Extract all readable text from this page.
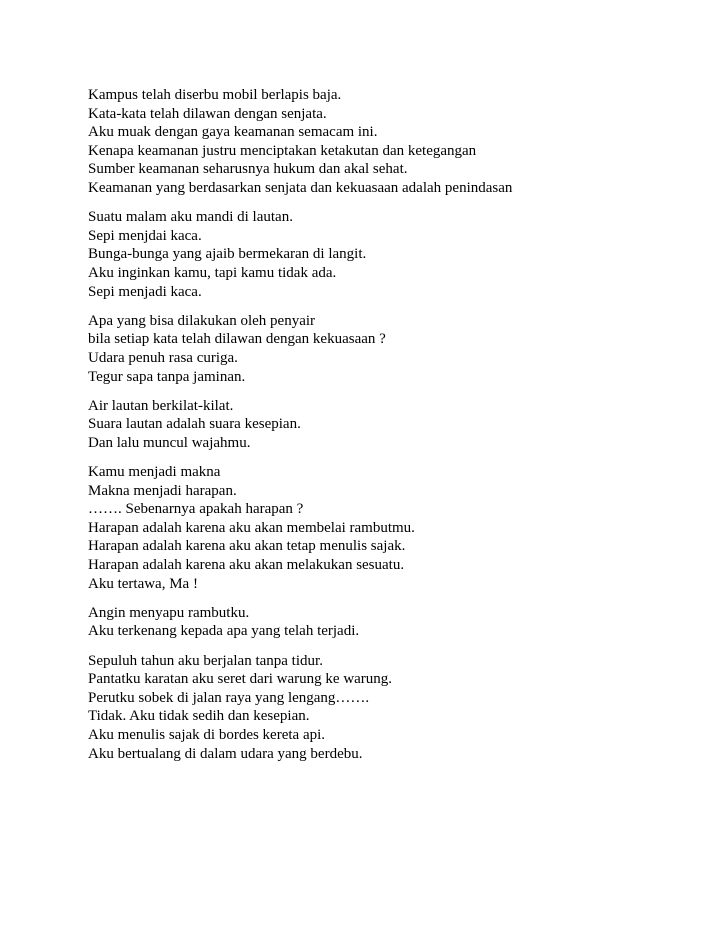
Kampus telah diserbu mobil berlapis baja.
Kata-kata telah dilawan dengan senjata.
Aku muak dengan gaya keamanan semacam ini.
Kenapa keamanan justru menciptakan ketakutan dan ketegangan
Sumber keamanan seharusnya hukum dan akal sehat.
Keamanan yang berdasarkan senjata dan kekuasaan adalah penindasan
Suatu malam aku mandi di lautan.
Sepi menjdai kaca.
Bunga-bunga yang ajaib bermekaran di langit.
Aku inginkan kamu, tapi kamu tidak ada.
Sepi menjadi kaca.
Apa yang bisa dilakukan oleh penyair
bila setiap kata telah dilawan dengan kekuasaan ?
Udara penuh rasa curiga.
Tegur sapa tanpa jaminan.
Air lautan berkilat-kilat.
Suara lautan adalah suara kesepian.
Dan lalu muncul wajahmu.
Kamu menjadi makna
Makna menjadi harapan.
……. Sebenarnya apakah harapan ?
Harapan adalah karena aku akan membelai rambutmu.
Harapan adalah karena aku akan tetap menulis sajak.
Harapan adalah karena aku akan melakukan sesuatu.
Aku tertawa, Ma !
Angin menyapu rambutku.
Aku terkenang kepada apa yang telah terjadi.
Sepuluh tahun aku berjalan tanpa tidur.
Pantatku karatan aku seret dari warung ke warung.
Perutku sobek di jalan raya yang lengang…….
Tidak. Aku tidak sedih dan kesepian.
Aku menulis sajak di bordes kereta api.
Aku bertualang di dalam udara yang berdebu.
